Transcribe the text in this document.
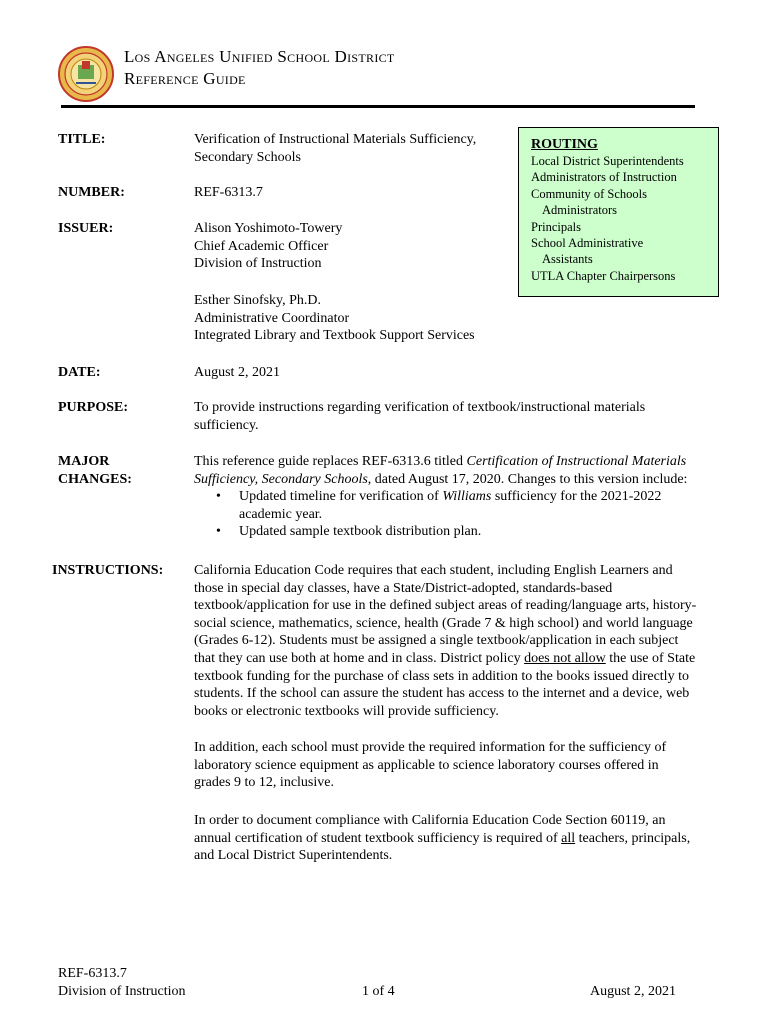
Los Angeles Unified School District
Reference Guide
TITLE:	Verification of Instructional Materials Sufficiency,
Secondary Schools
NUMBER:	REF-6313.7
ISSUER:	Alison Yoshimoto-Towery
Chief Academic Officer
Division of Instruction
Esther Sinofsky, Ph.D.
Administrative Coordinator
Integrated Library and Textbook Support Services
ROUTING
Local District Superintendents
Administrators of Instruction
Community of Schools
Administrators
Principals
School Administrative
Assistants
UTLA Chapter Chairpersons
DATE:	August 2, 2021
PURPOSE:	To provide instructions regarding verification of textbook/instructional materials
sufficiency.
MAJOR
CHANGES:
This reference guide replaces REF-6313.6 titled Certification of Instructional Materials
Sufficiency, Secondary Schools, dated August 17, 2020. Changes to this version include:
• Updated timeline for verification of Williams sufficiency for the 2021-2022
academic year.
• Updated sample textbook distribution plan.
INSTRUCTIONS: California Education Code requires that each student, including English Learners and
those in special day classes, have a State/District-adopted, standards-based
textbook/application for use in the defined subject areas of reading/language arts, history-
social science, mathematics, science, health (Grade 7 & high school) and world language
(Grades 6-12). Students must be assigned a single textbook/application in each subject
that they can use both at home and in class. District policy does not allow the use of State
textbook funding for the purchase of class sets in addition to the books issued directly to
students. If the school can assure the student has access to the internet and a device, web
books or electronic textbooks will provide sufficiency.
In addition, each school must provide the required information for the sufficiency of
laboratory science equipment as applicable to science laboratory courses offered in
grades 9 to 12, inclusive.
In order to document compliance with California Education Code Section 60119, an
annual certification of student textbook sufficiency is required of all teachers, principals,
and Local District Superintendents.
REF-6313.7
Division of Instruction	1 of 4	August 2, 2021
